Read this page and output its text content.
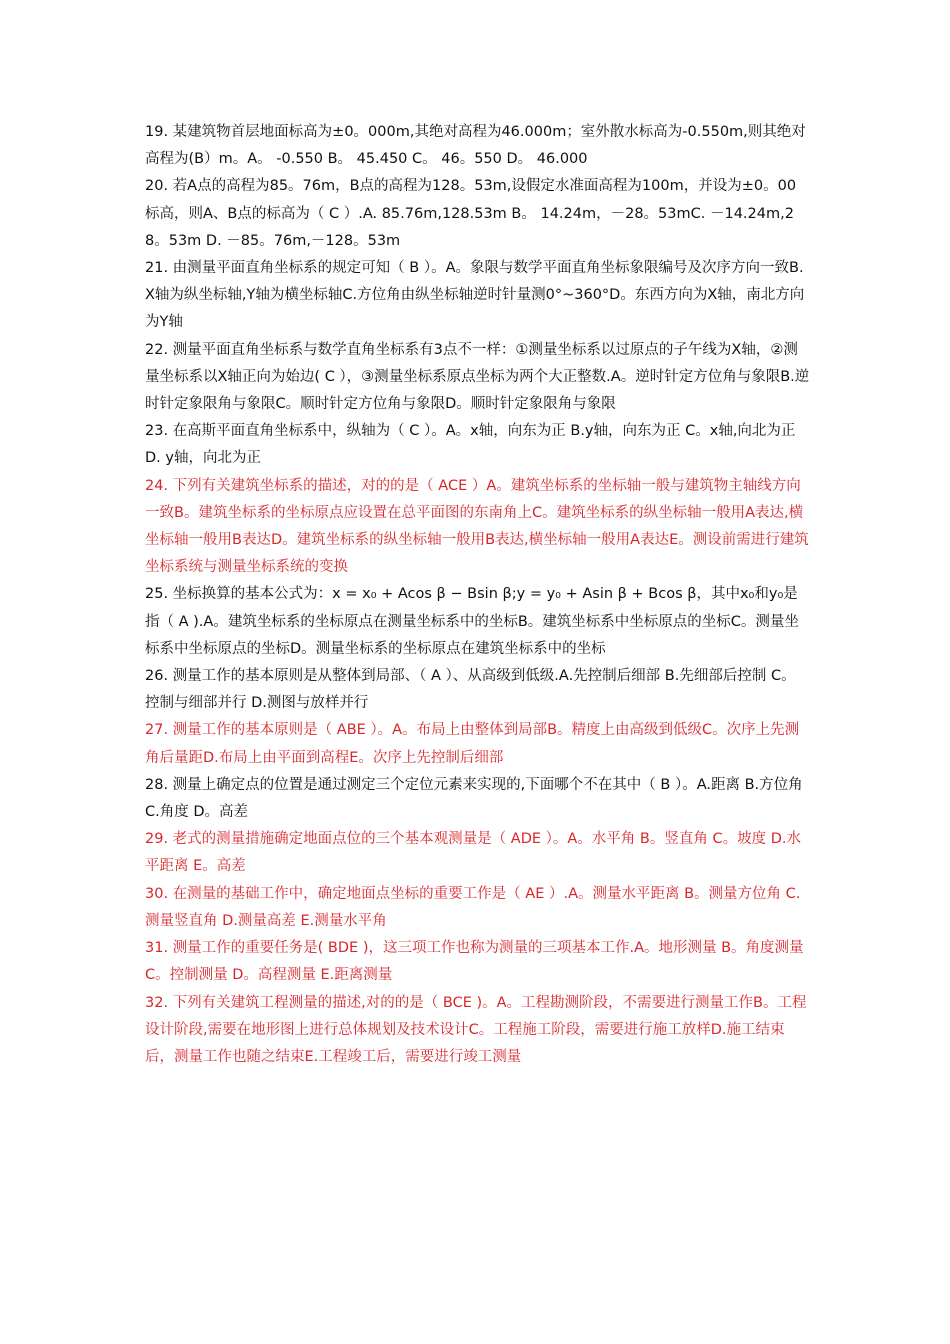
19. 某建筑物首层地面标高为±0。000m,其绝对高程为46.000m；室外散水标高为-0.550m,则其绝对高程为(B）m。A。 -0.550 B。 45.450 C。 46。550 D。 46.000

20. 若A点的高程为85。76m，B点的高程为128。53m,设假定水准面高程为100m，并设为±0。00标高，则A、B点的标高为（ C ）.A. 85.76m,128.53m B。 14.24m，－28。53mC. －14.24m,28。53m D. －85。76m,－128。53m

21. 由测量平面直角坐标系的规定可知（ B ）。A。象限与数学平面直角坐标象限编号及次序方向一致B.X轴为纵坐标轴,Y轴为横坐标轴C.方位角由纵坐标轴逆时针量测0°~360°D。东西方向为X轴，南北方向为Y轴

22. 测量平面直角坐标系与数学直角坐标系有3点不一样：①测量坐标系以过原点的子午线为X轴，②测量坐标系以X轴正向为始边( C ），③测量坐标系原点坐标为两个大正整数.A。逆时针定方位角与象限B.逆时针定象限角与象限C。顺时针定方位角与象限D。顺时针定象限角与象限

23. 在高斯平面直角坐标系中，纵轴为（ C ）。A。x轴，向东为正 B.y轴，向东为正 C。x轴,向北为正 D. y轴，向北为正

24. 下列有关建筑坐标系的描述，对的的是（ ACE ）A。建筑坐标系的坐标轴一般与建筑物主轴线方向一致B。建筑坐标系的坐标原点应设置在总平面图的东南角上C。建筑坐标系的纵坐标轴一般用A表达,横坐标轴一般用B表达D。建筑坐标系的纵坐标轴一般用B表达,横坐标轴一般用A表达E。测设前需进行建筑坐标系统与测量坐标系统的变换

25. 坐标换算的基本公式为：x = x₀ + Acos β − Bsin β;y = y₀ + Asin β + Bcos β，其中x₀和y₀是指（ A ).A。建筑坐标系的坐标原点在测量坐标系中的坐标B。建筑坐标系中坐标原点的坐标C。测量坐标系中坐标原点的坐标D。测量坐标系的坐标原点在建筑坐标系中的坐标

26. 测量工作的基本原则是从整体到局部、（ A ）、从高级到低级.A.先控制后细部 B.先细部后控制 C。控制与细部并行 D.测图与放样并行

27. 测量工作的基本原则是（ ABE ）。A。布局上由整体到局部B。精度上由高级到低级C。次序上先测角后量距D.布局上由平面到高程E。次序上先控制后细部

28. 测量上确定点的位置是通过测定三个定位元素来实现的,下面哪个不在其中（ B ）。A.距离 B.方位角 C.角度 D。高差

29. 老式的测量措施确定地面点位的三个基本观测量是（ ADE ）。A。水平角 B。竖直角 C。坡度 D.水平距离 E。高差

30. 在测量的基础工作中，确定地面点坐标的重要工作是（ AE ）.A。测量水平距离 B。测量方位角 C.测量竖直角 D.测量高差 E.测量水平角

31. 测量工作的重要任务是( BDE )，这三项工作也称为测量的三项基本工作.A。地形测量 B。角度测量 C。控制测量 D。高程测量 E.距离测量

32. 下列有关建筑工程测量的描述,对的的是（ BCE )。A。工程勘测阶段，不需要进行测量工作B。工程设计阶段,需要在地形图上进行总体规划及技术设计C。工程施工阶段，需要进行施工放样D.施工结束后，测量工作也随之结束E.工程竣工后，需要进行竣工测量
